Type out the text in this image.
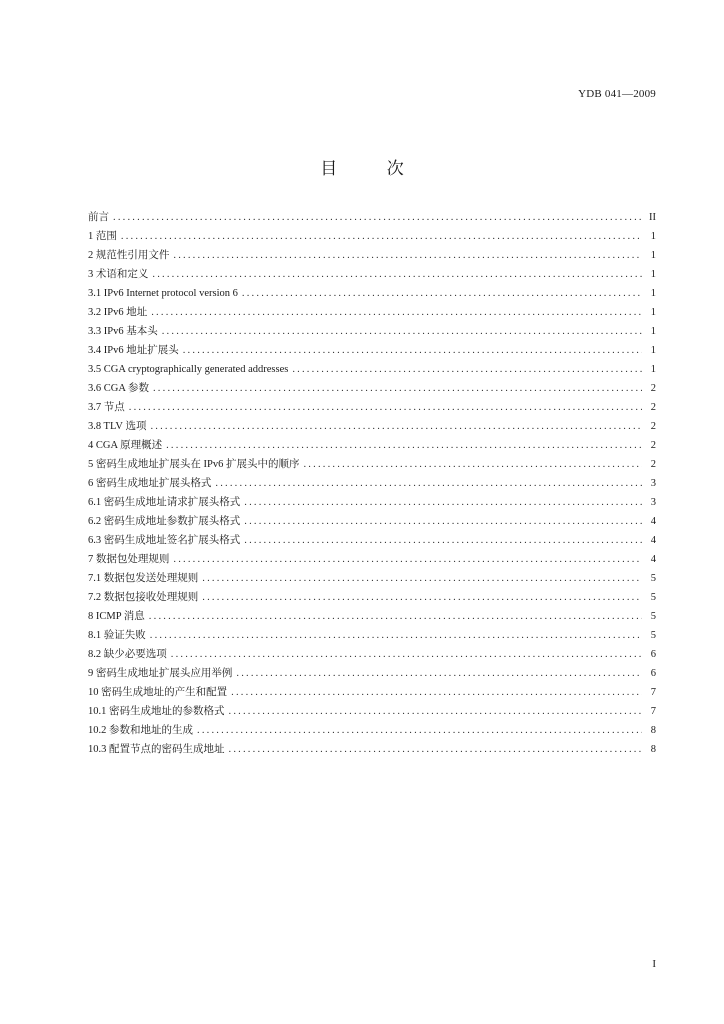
YDB 041—2009
目	次
前言 .....	II
1 范围 .....	1
2 规范性引用文件 .....	1
3 术语和定义 .....	1
3.1 IPv6 Internet protocol version 6 .....	1
3.2 IPv6 地址 .....	1
3.3 IPv6 基本头 .....	1
3.4 IPv6 地址扩展头 .....	1
3.5 CGA cryptographically generated addresses .....	1
3.6 CGA 参数 .....	2
3.7 节点 .....	2
3.8 TLV 选项 .....	2
4 CGA 原理概述 .....	2
5 密码生成地址扩展头在 IPv6 扩展头中的顺序 .....	2
6 密码生成地址扩展头格式 .....	3
6.1 密码生成地址请求扩展头格式 .....	3
6.2 密码生成地址参数扩展头格式 .....	4
6.3 密码生成地址签名扩展头格式 .....	4
7 数据包处理规则 .....	4
7.1 数据包发送处理规则 .....	5
7.2 数据包接收处理规则 .....	5
8 ICMP 消息 .....	5
8.1 验证失败 .....	5
8.2 缺少必要选项 .....	6
9 密码生成地址扩展头应用举例 .....	6
10 密码生成地址的产生和配置 .....	7
10.1 密码生成地址的参数格式 .....	7
10.2 参数和地址的生成 .....	8
10.3 配置节点的密码生成地址 .....	8
I
